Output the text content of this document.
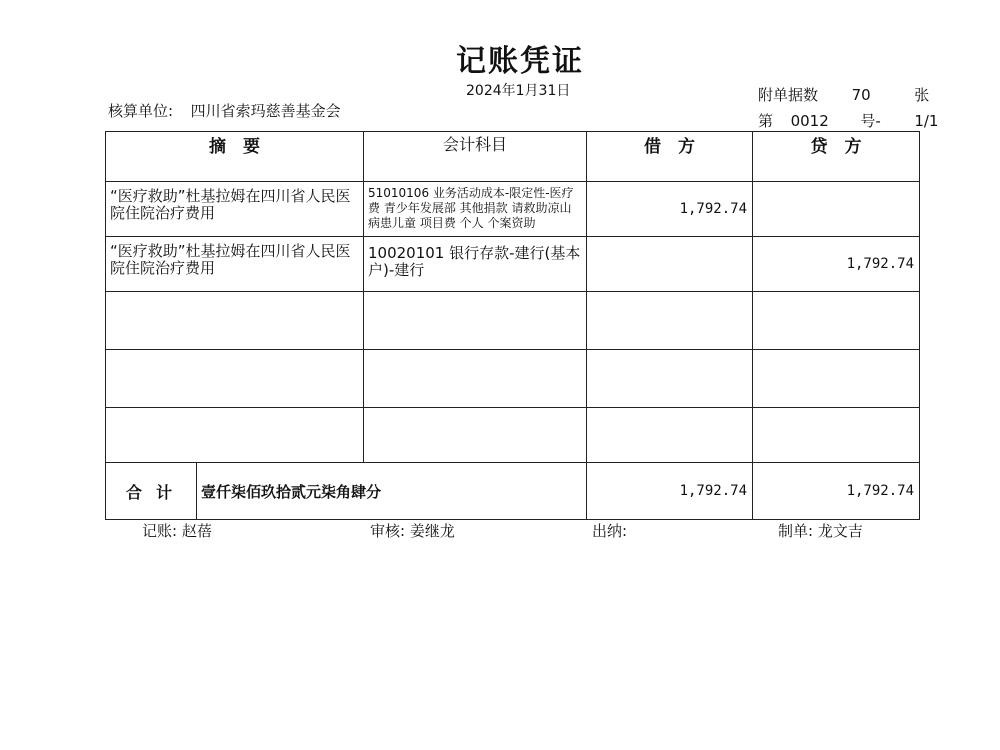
记账凭证
2024年1月31日
核算单位: 四川省索玛慈善基金会
附单据数 70	张
第 0012 号- 1/1
摘　要	会计科目	借　方	贷　方
“医疗救助”杜基拉姆在四川省人民医院住院治疗费用	51010106 业务活动成本-限定性-医疗费 青少年发展部 其他捐款 请救助凉山病患儿童 项目费 个人 个案资助	1,792.74	
“医疗救助”杜基拉姆在四川省人民医院住院治疗费用	10020101 银行存款-建行(基本户)-建行		1,792.74

合计 壹仟柒佰玖拾贰元柒角肆分		1,792.74	1,792.74
记账: 赵蓓	审核: 姜继龙	出纳:	制单: 龙文吉
